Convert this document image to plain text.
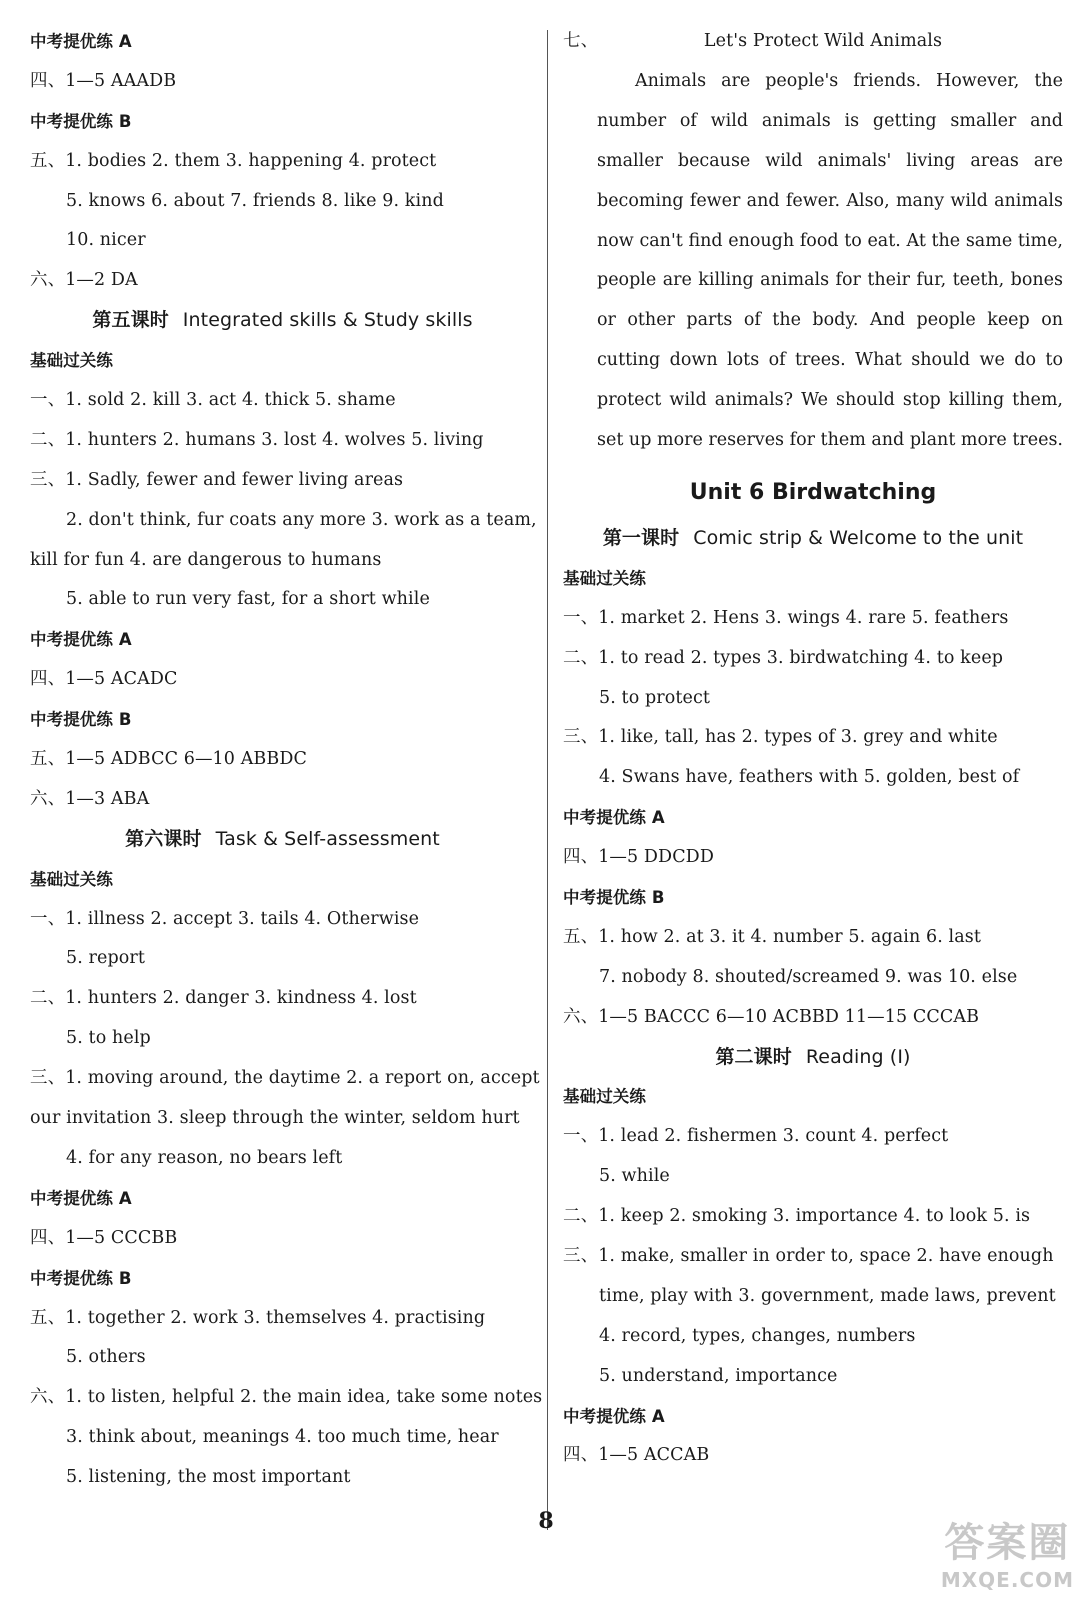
中考提优练 A
四、1—5 AAADB
中考提优练 B
五、1. bodies 2. them 3. happening 4. protect
5. knows 6. about 7. friends 8. like 9. kind
10. nicer
六、1—2 DA
第五课时 Integrated skills & Study skills
基础过关练
一、1. sold 2. kill 3. act 4. thick 5. shame
二、1. hunters 2. humans 3. lost 4. wolves 5. living
三、1. Sadly, fewer and fewer living areas
2. don't think, fur coats any more 3. work as a team,
kill for fun 4. are dangerous to humans
5. able to run very fast, for a short while
中考提优练 A
四、1—5 ACADC
中考提优练 B
五、1—5 ADBCC 6—10 ABBDC
六、1—3 ABA
第六课时 Task & Self-assessment
基础过关练
一、1. illness 2. accept 3. tails 4. Otherwise
5. report
二、1. hunters 2. danger 3. kindness 4. lost
5. to help
三、1. moving around, the daytime 2. a report on, accept
our invitation 3. sleep through the winter, seldom hurt
4. for any reason, no bears left
中考提优练 A
四、1—5 CCCBB
中考提优练 B
五、1. together 2. work 3. themselves 4. practising
5. others
六、1. to listen, helpful 2. the main idea, take some notes
3. think about, meanings 4. too much time, hear
5. listening, the most important
七、	Let's Protect Wild Animals

Animals are people's friends. However, the number of wild animals is getting smaller and smaller because wild animals' living areas are becoming fewer and fewer. Also, many wild animals now can't find enough food to eat. At the same time, people are killing animals for their fur, teeth, bones or other parts of the body. And people keep on cutting down lots of trees. What should we do to protect wild animals? We should stop killing them, set up more reserves for them and plant more trees.

Unit 6 Birdwatching
第一课时 Comic strip & Welcome to the unit
基础过关练
一、1. market 2. Hens 3. wings 4. rare 5. feathers
二、1. to read 2. types 3. birdwatching 4. to keep
5. to protect
三、1. like, tall, has 2. types of 3. grey and white
4. Swans have, feathers with 5. golden, best of
中考提优练 A
四、1—5 DDCDD
中考提优练 B
五、1. how 2. at 3. it 4. number 5. again 6. last
7. nobody 8. shouted/screamed 9. was 10. else
六、1—5 BACCC 6—10 ACBBD 11—15 CCCAB
第二课时 Reading (Ⅰ)
基础过关练
一、1. lead 2. fishermen 3. count 4. perfect
5. while
二、1. keep 2. smoking 3. importance 4. to look 5. is
三、1. make, smaller in order to, space 2. have enough
time, play with 3. government, made laws, prevent
4. record, types, changes, numbers
5. understand, importance
中考提优练 A
四、1—5 ACCAB
8	答案圈
MXQE.COM
